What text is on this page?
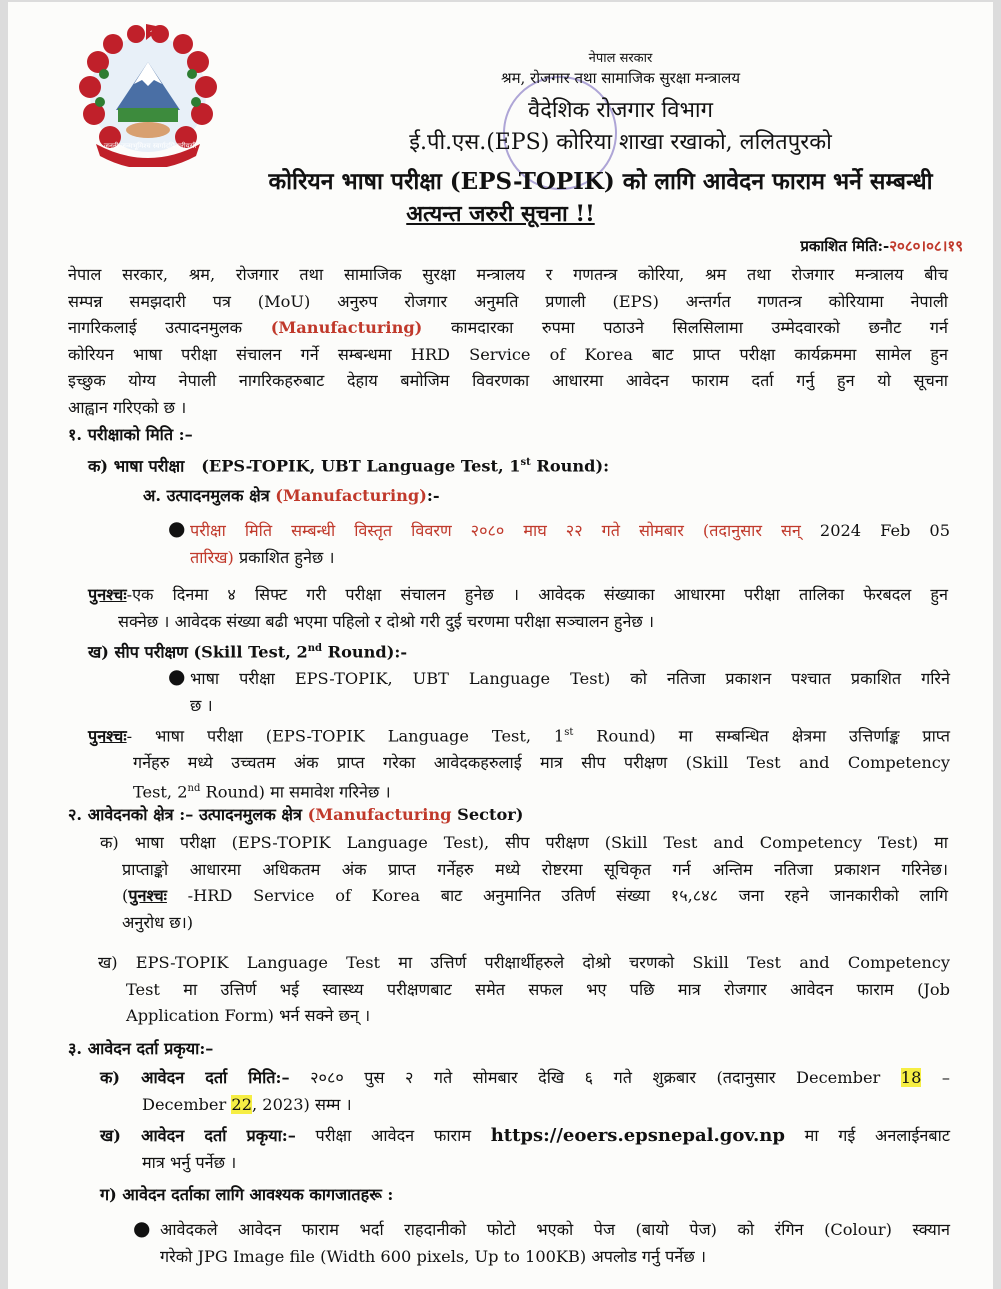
जननी जन्मभूमिश्च स्वर्गादपि गरीयसी
नेपाल सरकार
श्रम, रोजगार तथा सामाजिक सुरक्षा मन्त्रालय
वैदेशिक रोजगार विभाग
ई.पी.एस.(EPS) कोरिया शाखा रखाको, ललितपुरको
कोरियन भाषा परीक्षा (EPS-TOPIK) को लागि आवेदन फाराम भर्ने सम्बन्धी
अत्यन्त जरुरी सूचना !!
प्रकाशित मिति:-२०८०।०८।१९
नेपाल सरकार, श्रम, रोजगार तथा सामाजिक सुरक्षा मन्त्रालय र गणतन्त्र कोरिया, श्रम तथा रोजगार मन्त्रालय बीच
सम्पन्न समझदारी पत्र (MoU) अनुरुप रोजगार अनुमति प्रणाली (EPS) अन्तर्गत गणतन्त्र कोरियामा नेपाली
नागरिकलाई उत्पादनमुलक (Manufacturing) कामदारका रुपमा पठाउने सिलसिलामा उम्मेदवारको छनौट गर्न
कोरियन भाषा परीक्षा संचालन गर्ने सम्बन्धमा HRD Service of Korea बाट प्राप्त परीक्षा कार्यक्रममा सामेल हुन
इच्छुक योग्य नेपाली नागरिकहरुबाट देहाय बमोजिम विवरणका आधारमा आवेदन फाराम दर्ता गर्नु हुन यो सूचना
आह्वान गरिएको छ ।
१. परीक्षाको मिति :–
क) भाषा परीक्षा (EPS-TOPIK, UBT Language Test, 1st Round):
अ. उत्पादनमुलक क्षेत्र (Manufacturing):-
● परीक्षा मिति सम्बन्धी विस्तृत विवरण २०८० माघ २२ गते सोमबार (तदानुसार सन् 2024 Feb 05
तारिख) प्रकाशित हुनेछ ।
पुनश्चः-एक दिनमा ४ सिफ्ट गरी परीक्षा संचालन हुनेछ । आवेदक संख्याका आधारमा परीक्षा तालिका फेरबदल हुन
सक्नेछ । आवेदक संख्या बढी भएमा पहिलो र दोश्रो गरी दुई चरणमा परीक्षा सञ्चालन हुनेछ ।
ख) सीप परीक्षण (Skill Test, 2nd Round):-
● भाषा परीक्षा EPS-TOPIK, UBT Language Test) को नतिजा प्रकाशन पश्चात प्रकाशित गरिने
छ ।
पुनश्चः- भाषा परीक्षा (EPS-TOPIK Language Test, 1st Round) मा सम्बन्धित क्षेत्रमा उत्तिर्णाङ्क प्राप्त
गर्नेहरु मध्ये उच्चतम अंक प्राप्त गरेका आवेदकहरुलाई मात्र सीप परीक्षण (Skill Test and Competency
Test, 2nd Round) मा समावेश गरिनेछ ।
२. आवेदनको क्षेत्र :– उत्पादनमुलक क्षेत्र (Manufacturing Sector)
क) भाषा परीक्षा (EPS-TOPIK Language Test), सीप परीक्षण (Skill Test and Competency Test) मा
प्राप्ताङ्को आधारमा अधिकतम अंक प्राप्त गर्नेहरु मध्ये रोष्टरमा सूचिकृत गर्न अन्तिम नतिजा प्रकाशन गरिनेछ।
(पुनश्चः -HRD Service of Korea बाट अनुमानित उतिर्ण संख्या १५,८४८ जना रहने जानकारीको लागि
अनुरोध छ।)
ख) EPS-TOPIK Language Test मा उत्तिर्ण परीक्षार्थीहरुले दोश्रो चरणको Skill Test and Competency
Test मा उत्तिर्ण भई स्वास्थ्य परीक्षणबाट समेत सफल भए पछि मात्र रोजगार आवेदन फाराम (Job
Application Form) भर्न सक्ने छन् ।
३. आवेदन दर्ता प्रकृया:–
क) आवेदन दर्ता मिति:– २०८० पुस २ गते सोमबार देखि ६ गते शुक्रबार (तदानुसार December 18 –
December 22, 2023) सम्म ।
ख) आवेदन दर्ता प्रकृया:– परीक्षा आवेदन फाराम https://eoers.epsnepal.gov.np मा गई अनलाईनबाट
मात्र भर्नु पर्नेछ ।
ग) आवेदन दर्ताका लागि आवश्यक कागजातहरू :
● आवेदकले आवेदन फाराम भर्दा राहदानीको फोटो भएको पेज (बायो पेज) को रंगिन (Colour) स्क्यान
गरेको JPG Image file (Width 600 pixels, Up to 100KB) अपलोड गर्नु पर्नेछ ।
